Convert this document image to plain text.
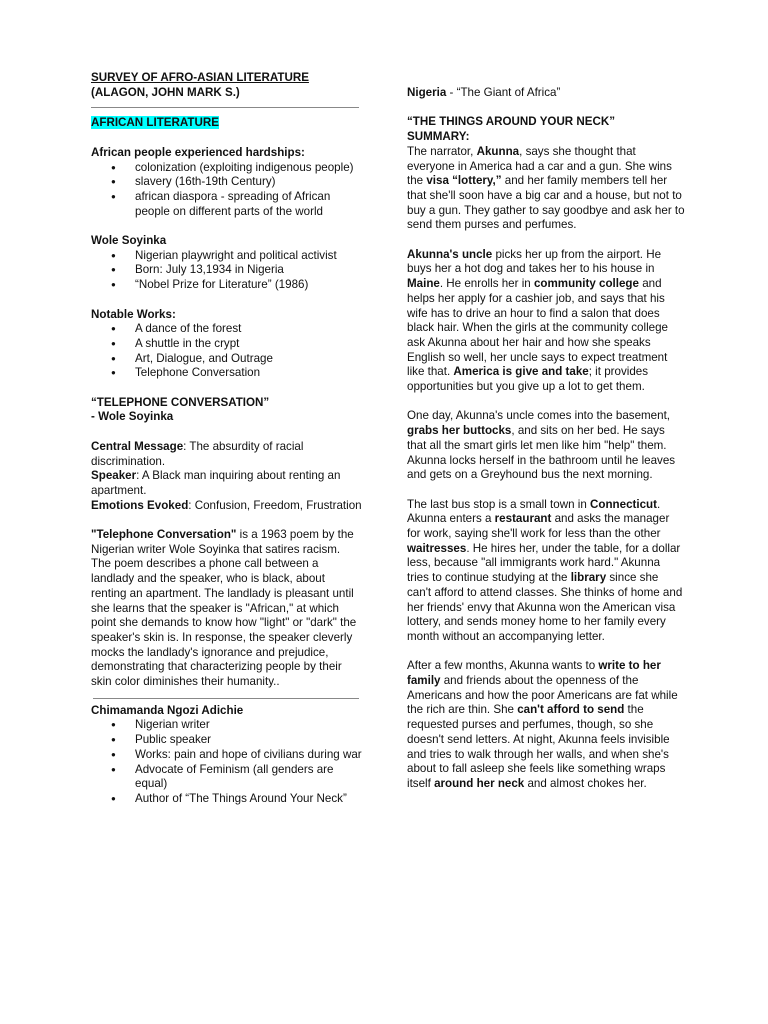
SURVEY OF AFRO-ASIAN LITERATURE
(ALAGON, JOHN MARK S.)
AFRICAN LITERATURE
African people experienced hardships:
● colonization (exploiting indigenous people)
● slavery (16th-19th Century)
● african diaspora - spreading of African people on different parts of the world
Wole Soyinka
● Nigerian playwright and political activist
● Born: July 13,1934 in Nigeria
● “Nobel Prize for Literature” (1986)
Notable Works:
● A dance of the forest
● A shuttle in the crypt
● Art, Dialogue, and Outrage
● Telephone Conversation
“TELEPHONE CONVERSATION”
- Wole Soyinka

Central Message: The absurdity of racial discrimination.

Speaker: A Black man inquiring about renting an apartment.

Emotions Evoked: Confusion, Freedom, Frustration

"Telephone Conversation" is a 1963 poem by the Nigerian writer Wole Soyinka that satires racism. The poem describes a phone call between a landlady and the speaker, who is black, about renting an apartment. The landlady is pleasant until she learns that the speaker is "African," at which point she demands to know how "light" or "dark" the speaker's skin is. In response, the speaker cleverly mocks the landlady's ignorance and prejudice, demonstrating that characterizing people by their skin color diminishes their humanity..

Chimamanda Ngozi Adichie
● Nigerian writer
● Public speaker
● Works: pain and hope of civilians during war
● Advocate of Feminism (all genders are equal)
● Author of “The Things Around Your Neck”

Nigeria - “The Giant of Africa”

“THE THINGS AROUND YOUR NECK”
SUMMARY:

The narrator, Akunna, says she thought that everyone in America had a car and a gun. She wins the visa “lottery,” and her family members tell her that she'll soon have a big car and a house, but not to buy a gun. They gather to say goodbye and ask her to send them purses and perfumes.

Akunna's uncle picks her up from the airport. He buys her a hot dog and takes her to his house in Maine. He enrolls her in community college and helps her apply for a cashier job, and says that his wife has to drive an hour to find a salon that does black hair. When the girls at the community college ask Akunna about her hair and how she speaks English so well, her uncle says to expect treatment like that. America is give and take; it provides opportunities but you give up a lot to get them.

One day, Akunna's uncle comes into the basement, grabs her buttocks, and sits on her bed. He says that all the smart girls let men like him "help" them. Akunna locks herself in the bathroom until he leaves and gets on a Greyhound bus the next morning.

The last bus stop is a small town in Connecticut. Akunna enters a restaurant and asks the manager for work, saying she'll work for less than the other waitresses. He hires her, under the table, for a dollar less, because "all immigrants work hard." Akunna tries to continue studying at the library since she can't afford to attend classes. She thinks of home and her friends' envy that Akunna won the American visa lottery, and sends money home to her family every month without an accompanying letter.

After a few months, Akunna wants to write to her family and friends about the openness of the Americans and how the poor Americans are fat while the rich are thin. She can't afford to send the requested purses and perfumes, though, so she doesn't send letters. At night, Akunna feels invisible and tries to walk through her walls, and when she's about to fall asleep she feels like something wraps itself around her neck and almost chokes her.
